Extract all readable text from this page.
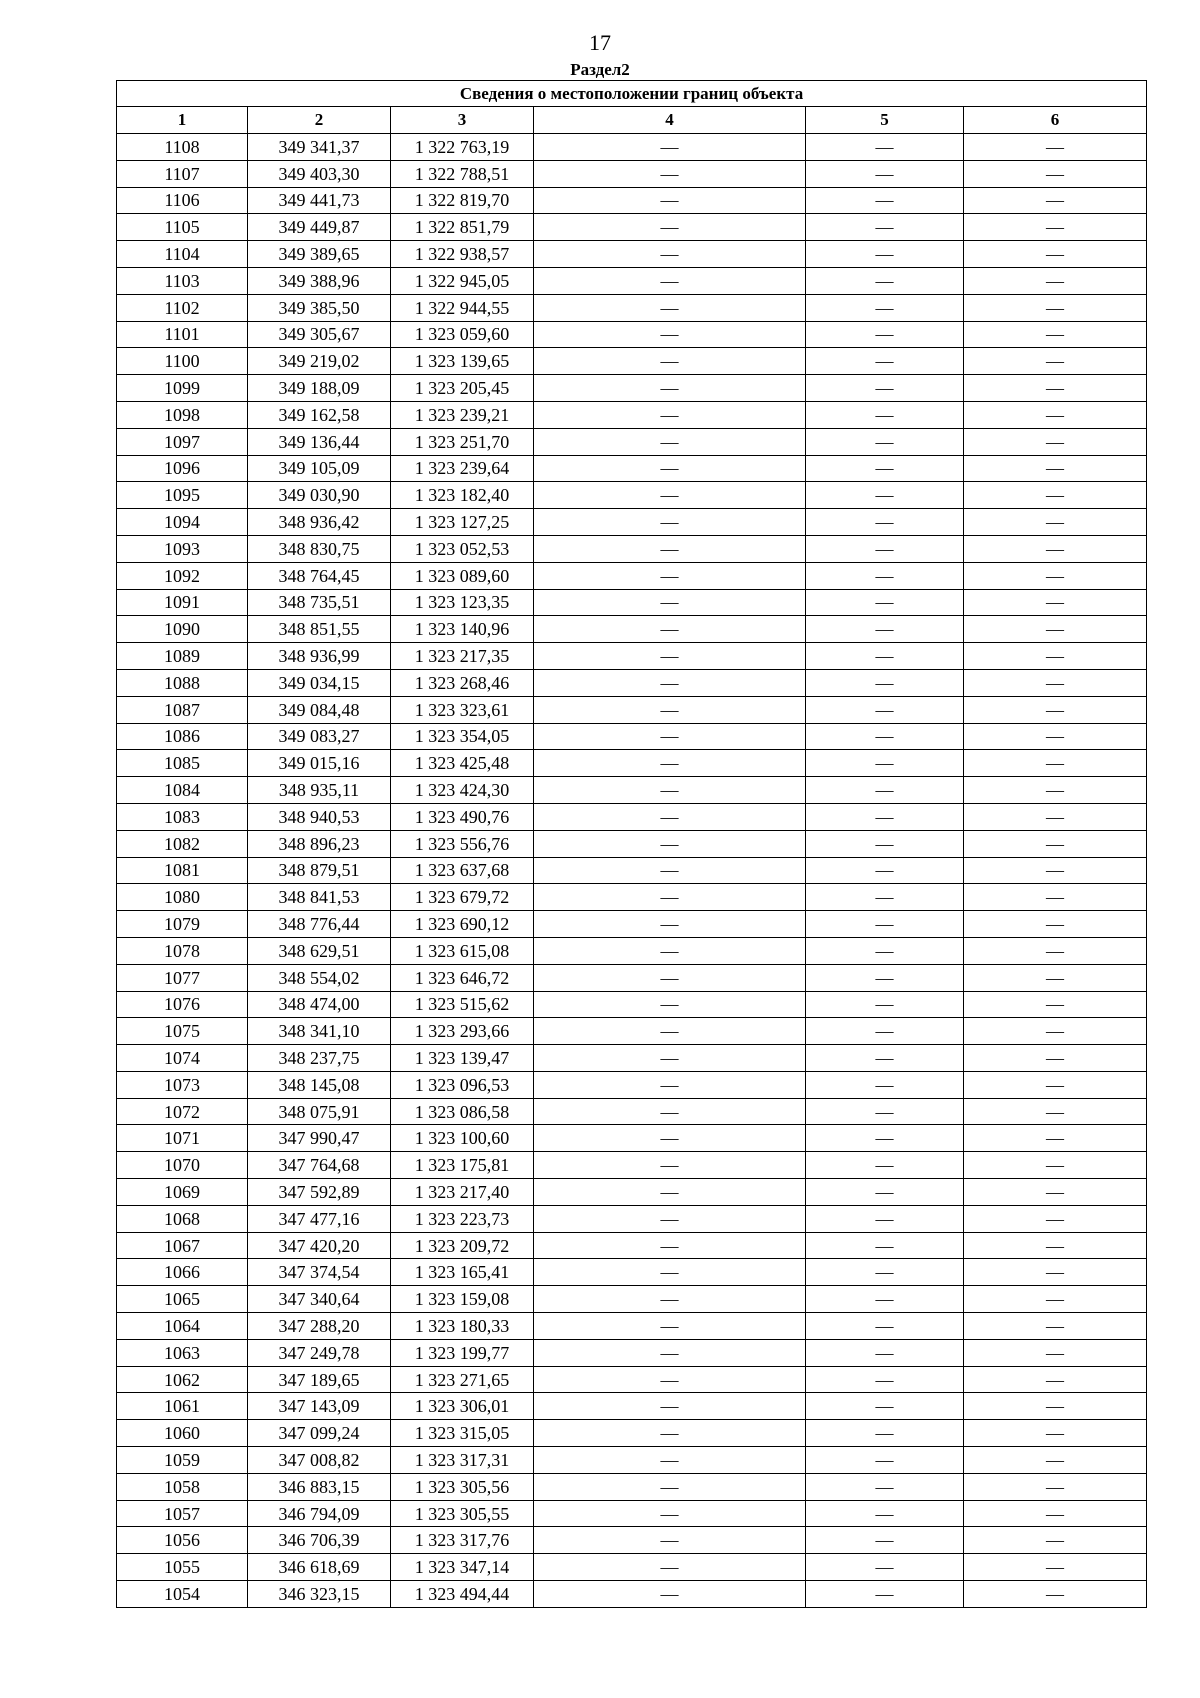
17
Раздел2
Сведения о местоположении границ объекта					
1	2	3	4	5	6
1108	349 341,37	1 322 763,19	—	—	—
1107	349 403,30	1 322 788,51	—	—	—
1106	349 441,73	1 322 819,70	—	—	—
1105	349 449,87	1 322 851,79	—	—	—
1104	349 389,65	1 322 938,57	—	—	—
1103	349 388,96	1 322 945,05	—	—	—
1102	349 385,50	1 322 944,55	—	—	—
1101	349 305,67	1 323 059,60	—	—	—
1100	349 219,02	1 323 139,65	—	—	—
1099	349 188,09	1 323 205,45	—	—	—
1098	349 162,58	1 323 239,21	—	—	—
1097	349 136,44	1 323 251,70	—	—	—
1096	349 105,09	1 323 239,64	—	—	—
1095	349 030,90	1 323 182,40	—	—	—
1094	348 936,42	1 323 127,25	—	—	—
1093	348 830,75	1 323 052,53	—	—	—
1092	348 764,45	1 323 089,60	—	—	—
1091	348 735,51	1 323 123,35	—	—	—
1090	348 851,55	1 323 140,96	—	—	—
1089	348 936,99	1 323 217,35	—	—	—
1088	349 034,15	1 323 268,46	—	—	—
1087	349 084,48	1 323 323,61	—	—	—
1086	349 083,27	1 323 354,05	—	—	—
1085	349 015,16	1 323 425,48	—	—	—
1084	348 935,11	1 323 424,30	—	—	—
1083	348 940,53	1 323 490,76	—	—	—
1082	348 896,23	1 323 556,76	—	—	—
1081	348 879,51	1 323 637,68	—	—	—
1080	348 841,53	1 323 679,72	—	—	—
1079	348 776,44	1 323 690,12	—	—	—
1078	348 629,51	1 323 615,08	—	—	—
1077	348 554,02	1 323 646,72	—	—	—
1076	348 474,00	1 323 515,62	—	—	—
1075	348 341,10	1 323 293,66	—	—	—
1074	348 237,75	1 323 139,47	—	—	—
1073	348 145,08	1 323 096,53	—	—	—
1072	348 075,91	1 323 086,58	—	—	—
1071	347 990,47	1 323 100,60	—	—	—
1070	347 764,68	1 323 175,81	—	—	—
1069	347 592,89	1 323 217,40	—	—	—
1068	347 477,16	1 323 223,73	—	—	—
1067	347 420,20	1 323 209,72	—	—	—
1066	347 374,54	1 323 165,41	—	—	—
1065	347 340,64	1 323 159,08	—	—	—
1064	347 288,20	1 323 180,33	—	—	—
1063	347 249,78	1 323 199,77	—	—	—
1062	347 189,65	1 323 271,65	—	—	—
1061	347 143,09	1 323 306,01	—	—	—
1060	347 099,24	1 323 315,05	—	—	—
1059	347 008,82	1 323 317,31	—	—	—
1058	346 883,15	1 323 305,56	—	—	—
1057	346 794,09	1 323 305,55	—	—	—
1056	346 706,39	1 323 317,76	—	—	—
1055	346 618,69	1 323 347,14	—	—	—
1054	346 323,15	1 323 494,44	—	—	—
